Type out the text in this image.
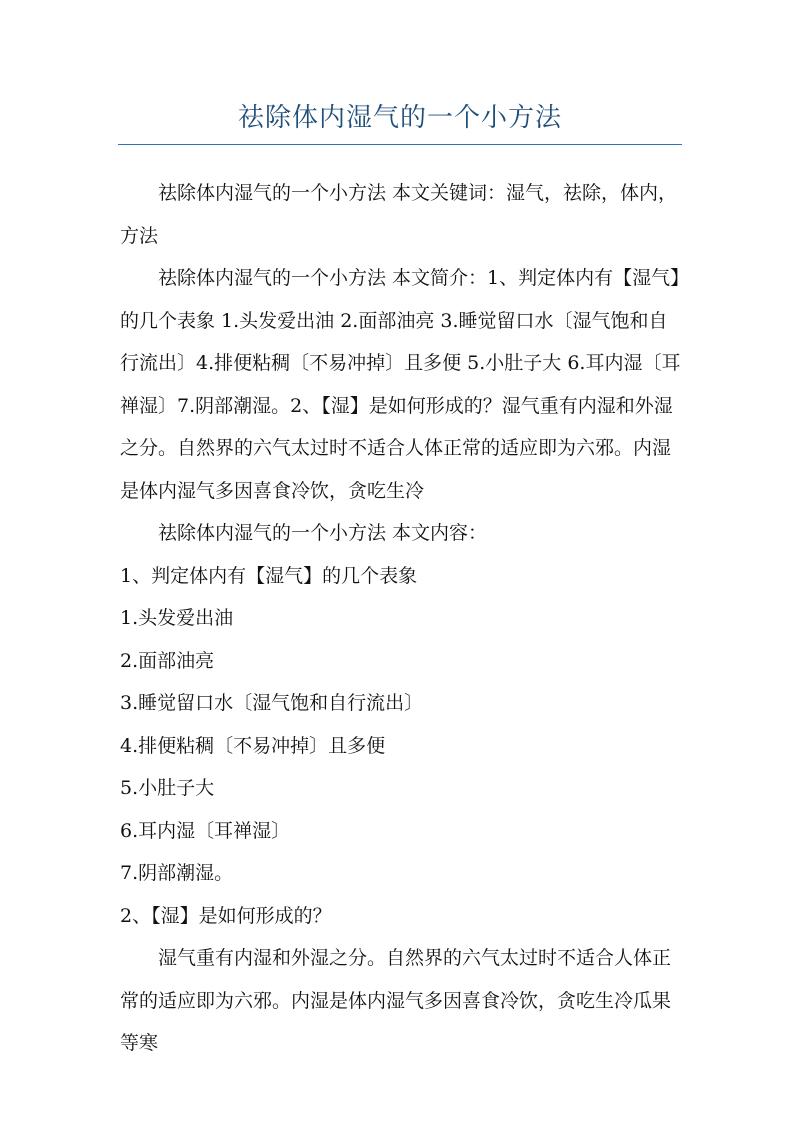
祛除体内湿气的一个小方法

祛除体内湿气的一个小方法 本文关键词：湿气，祛除，体内，方法

祛除体内湿气的一个小方法 本文简介：1、判定体内有【湿气】的几个表象 1.头发爱出油 2.面部油亮 3.睡觉留口水〔湿气饱和自行流出〕4.排便粘稠〔不易冲掉〕且多便 5.小肚子大 6.耳内湿〔耳禅湿〕7.阴部潮湿。2、【湿】是如何形成的？湿气重有内湿和外湿之分。自然界的六气太过时不适合人体正常的适应即为六邪。内湿是体内湿气多因喜食冷饮，贪吃生冷

祛除体内湿气的一个小方法 本文内容：

1、判定体内有【湿气】的几个表象

1.头发爱出油

2.面部油亮

3.睡觉留口水〔湿气饱和自行流出〕

4.排便粘稠〔不易冲掉〕且多便

5.小肚子大

6.耳内湿〔耳禅湿〕

7.阴部潮湿。

2、【湿】是如何形成的？

湿气重有内湿和外湿之分。自然界的六气太过时不适合人体正常的适应即为六邪。内湿是体内湿气多因喜食冷饮，贪吃生冷瓜果等寒
